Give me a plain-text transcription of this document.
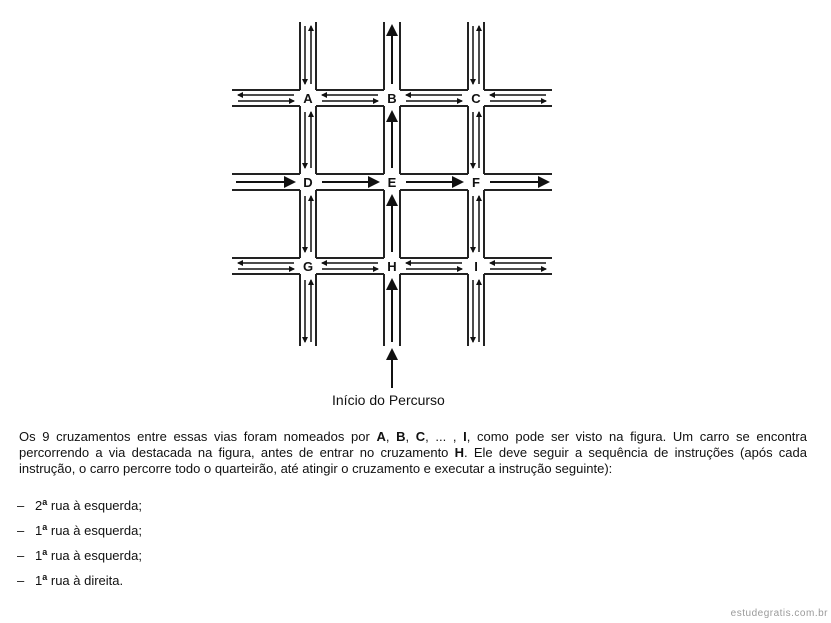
A	B	C
D	E	F
G	H	I
Início do Percurso

Os 9 cruzamentos entre essas vias foram nomeados por A, B, C, ... , I, como pode ser visto na figura. Um carro se encontra percorrendo a via destacada na figura, antes de entrar no cruzamento H. Ele deve seguir a sequência de instruções (após cada instrução, o carro percorre todo o quarteirão, até atingir o cruzamento e executar a instrução seguinte):

– 2$^a$ rua à esquerda;
– 1$^a$ rua à esquerda;
– 1$^a$ rua à esquerda;
– 1$^a$ rua à direita.
estudegratis.com.br
